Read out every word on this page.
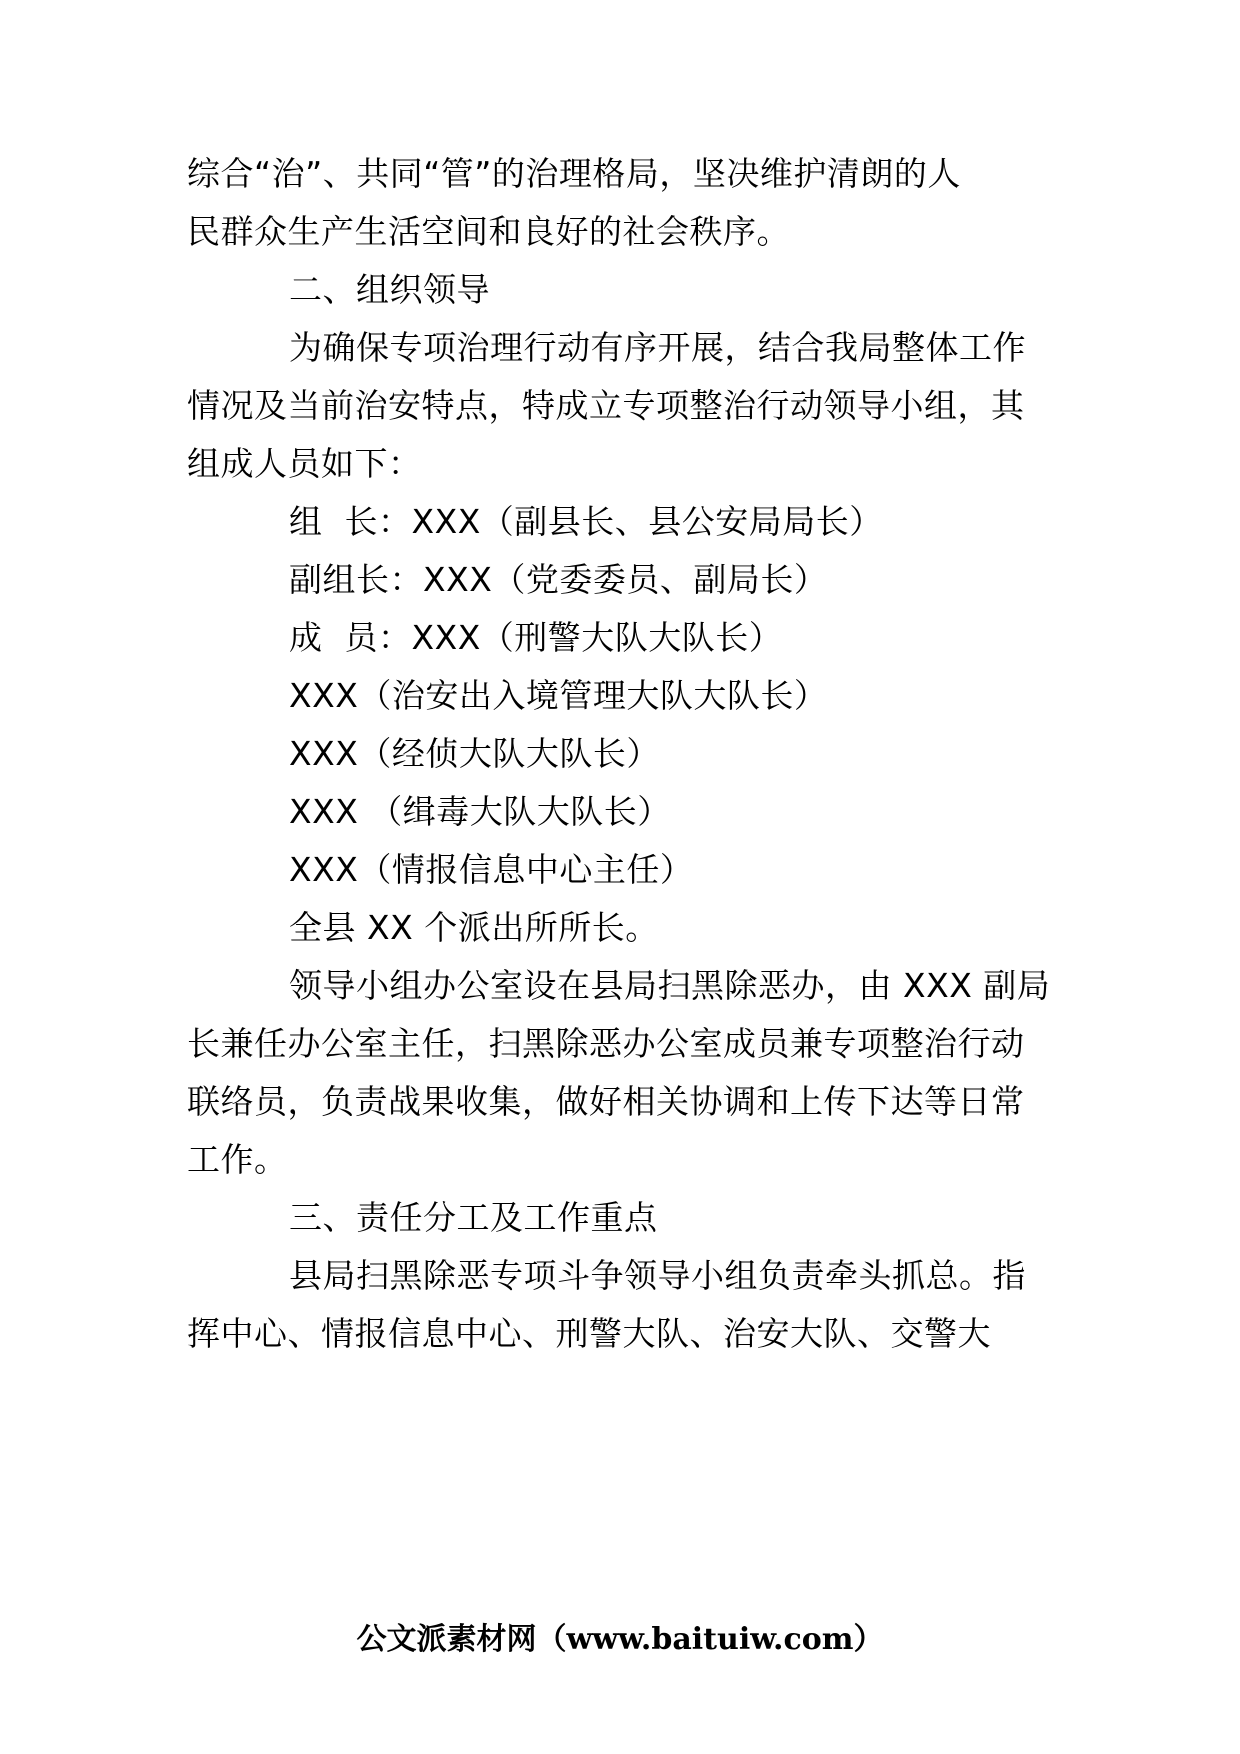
综合“治”、共同“管”的治理格局，坚决维护清朗的人
民群众生产生活空间和良好的社会秩序。
二、组织领导
为确保专项治理行动有序开展，结合我局整体工作
情况及当前治安特点，特成立专项整治行动领导小组，其
组成人员如下：
组  长：XXX（副县长、县公安局局长）
副组长：XXX（党委委员、副局长）
成  员：XXX（刑警大队大队长）
XXX（治安出入境管理大队大队长）
XXX（经侦大队大队长）
XXX （缉毒大队大队长）
XXX（情报信息中心主任）
全县 XX 个派出所所长。
领导小组办公室设在县局扫黑除恶办，由 XXX 副局
长兼任办公室主任，扫黑除恶办公室成员兼专项整治行动
联络员，负责战果收集，做好相关协调和上传下达等日常
工作。
三、责任分工及工作重点
县局扫黑除恶专项斗争领导小组负责牵头抓总。指
挥中心、情报信息中心、刑警大队、治安大队、交警大
公文派素材网（www.baituiw.com）
